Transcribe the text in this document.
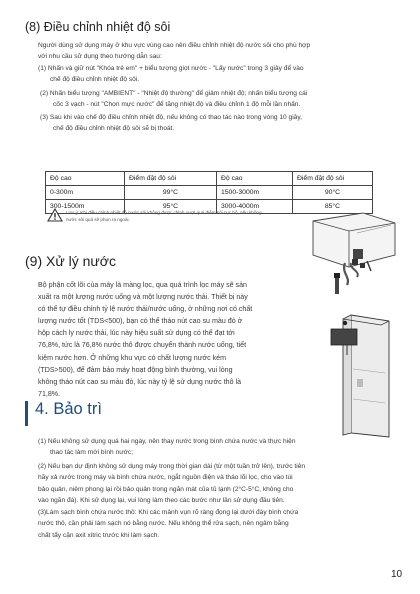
(8) Điều chỉnh nhiệt độ sôi
Người dùng sử dụng máy ở khu vực vùng cao nên điều chỉnh nhiệt độ nước sôi cho phù hợp
với nhu cầu sử dụng theo hướng dẫn sau:
(1) Nhấn và giữ nút "Khóa trẻ em" + biểu tượng giọt nước - "Lấy nước" trong 3 giây để vào
chế độ điều chỉnh nhiệt độ sôi.
(2) Nhấn biểu tượng "AMBIENT" - "Nhiệt độ thường" để giảm nhiệt độ; nhấn biểu tượng cái
cốc 3 vạch - nút "Chọn mực nước" để tăng nhiệt độ và điều chỉnh 1 độ mỗi lần nhấn.
(3) Sau khi vào chế độ điều chỉnh nhiệt độ, nếu không có thao tác nào trong vòng 10 giây,
chế độ điều chỉnh nhiệt độ sôi sẽ bị thoát.
Độ cao	Điểm đặt độ sôi	Độ cao	Điểm đặt độ sôi
0-300m	99°C	1500-3000m	90°C
300-1500m	95°C	3000-4000m	85°C
Lưu ý: Khi điều chỉnh nhiệt độ nước sôi không được chỉnh vượt quá điểm sôi cục bộ, nếu không
nước sôi quá sẽ phun ra ngoài.
(9) Xử lý nước
Bộ phận cốt lõi của máy là màng lọc, qua quá trình lọc máy sẽ sản
xuất ra một lượng nước uống và một lượng nước thải. Thiết bị này
có thể tự điều chỉnh tỷ lệ nước thải/nước uống, ở những nơi có chất
lượng nước tốt (TDS<500), bạn có thể tháo nút cao su màu đỏ ở
hộp cách ly nước thải, lúc này hiệu suất sử dụng có thể đạt tới
76,8%, tức là 76,8% nước thô được chuyển thành nước uống, tiết
kiệm nước hơn. Ở những khu vực có chất lượng nước kém
(TDS>500), để đảm bảo máy hoạt động bình thường, vui lòng
không tháo nút cao su màu đỏ, lúc này tỷ lệ sử dụng nước thô là
71,8%.
4. Bảo trì
(1) Nếu không sử dụng quá hai ngày, nên thay nước trong bình chứa nước và thực hiện
thao tác làm mới bình nước;
(2) Nếu bạn dự định không sử dụng máy trong thời gian dài (từ một tuần trở lên), trước tiên
hãy xả nước trong máy và bình chứa nước, ngắt nguồn điện và tháo lõi lọc, cho vào túi
bảo quản, niêm phong lại rồi bảo quản trong ngăn mát của tủ lạnh (2°C-5°C, không cho
vào ngăn đá). Khi sử dụng lại, vui lòng làm theo các bước như lần sử dụng đầu tiên.
(3)Làm sạch bình chứa nước thô: Khi các mảnh vụn rõ ràng đọng lại dưới đáy bình chứa
nước thô, cần phải làm sạch nó bằng nước. Nếu không thể rửa sạch, nên ngâm bằng
chất tẩy cặn axit xitric trước khi làm sạch.
10
